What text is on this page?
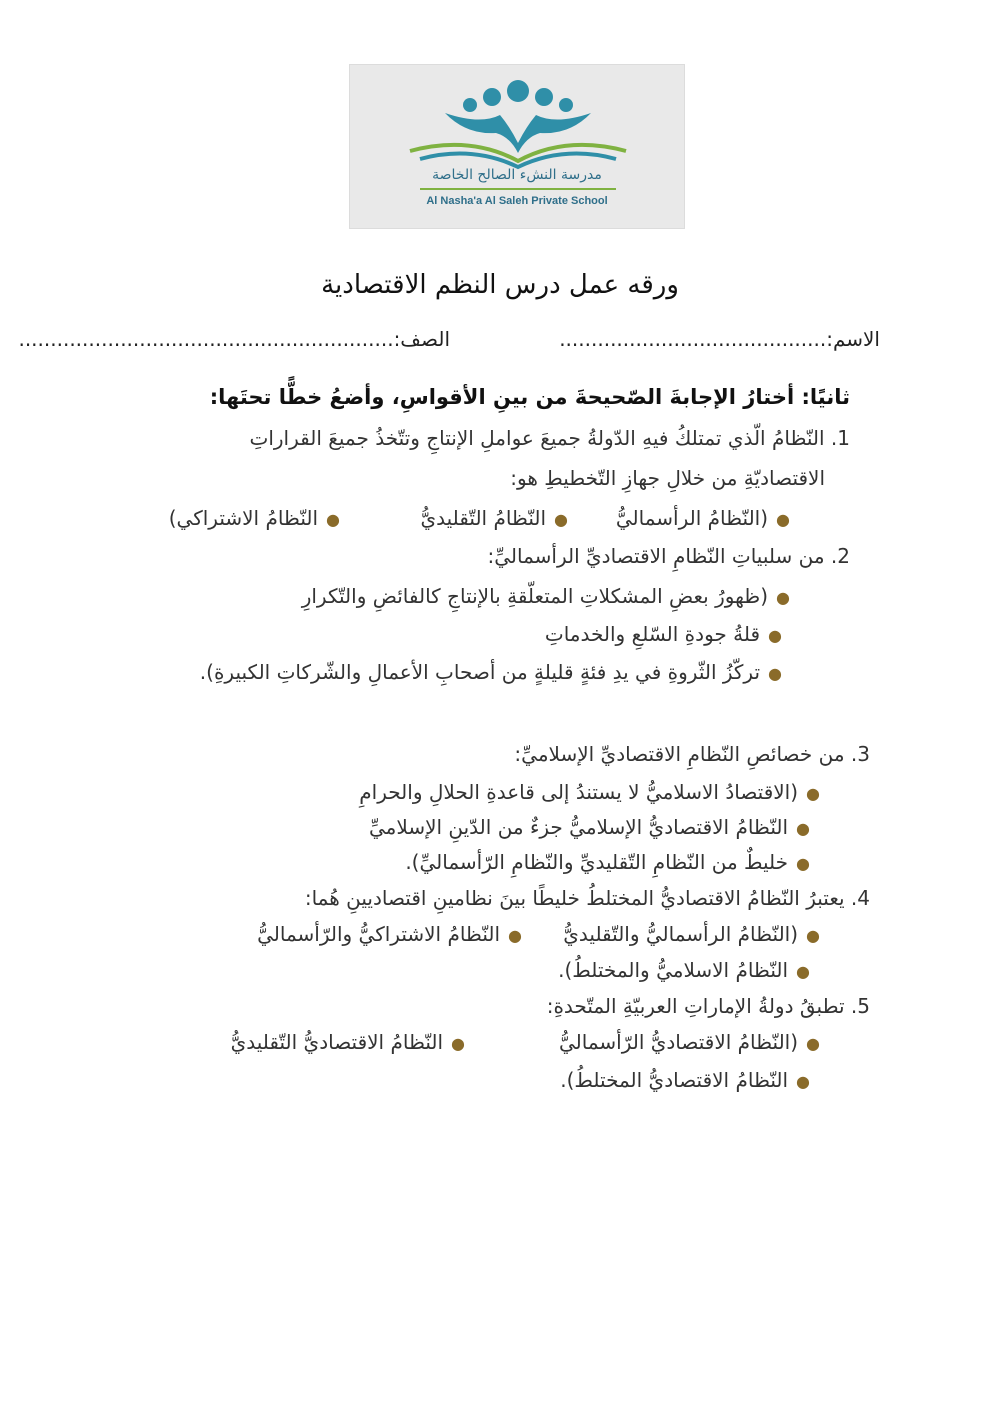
مدرسة النشء الصالح الخاصة
Al Nasha'a Al Saleh Private School
ورقه عمل درس النظم الاقتصادية
الاسم:..........................................
الصف:...........................................................
ثانيًا: أختارُ الإجابةَ الصّحيحةَ من بينِ الأقواسِ، وأضعُ خطًّا تحتَها:
1. النّظامُ الّذي تمتلكُ فيهِ الدّولةُ جميعَ عواملِ الإنتاجِ وتتّخذُ جميعَ القراراتِ
الاقتصاديّةِ من خلالِ جهازِ التّخطيطِ هو:
●(النّظامُ الرأسماليُّ
●النّظامُ التّقليديُّ
●النّظامُ الاشتراكي)
2. من سلبياتِ النّظامِ الاقتصاديِّ الرأسماليِّ:
●(ظهورُ بعضِ المشكلاتِ المتعلّقةِ بالإنتاجِ كالفائضِ والتّكرارِ
●قلةُ جودةِ السّلعِ والخدماتِ
●تركّزُ الثّروةِ في يدِ فئةٍ قليلةٍ من أصحابِ الأعمالِ والشّركاتِ الكبيرةِ).
3. من خصائصِ النّظامِ الاقتصاديِّ الإسلاميِّ:
●(الاقتصادُ الاسلاميُّ لا يستندُ إلى قاعدةِ الحلالِ والحرامِ
●النّظامُ الاقتصاديُّ الإسلاميُّ جزءٌ من الدّينِ الإسلاميِّ
●خليطٌ من النّظامِ التّقليديِّ والنّظامِ الرّأسماليِّ).
4. يعتبرُ النّظامُ الاقتصاديُّ المختلطُ خليطًا بينَ نظامينِ اقتصاديينِ هُما:
●(النّظامُ الرأسماليُّ والتّقليديُّ
●النّظامُ الاشتراكيُّ والرّأسماليُّ
●النّظامُ الاسلاميُّ والمختلطُ).
5. تطبقُ دولةُ الإماراتِ العربيّةِ المتّحدةِ:
●(النّظامُ الاقتصاديُّ الرّأسماليُّ
●النّظامُ الاقتصاديُّ التّقليديُّ
●النّظامُ الاقتصاديُّ المختلطُ).
